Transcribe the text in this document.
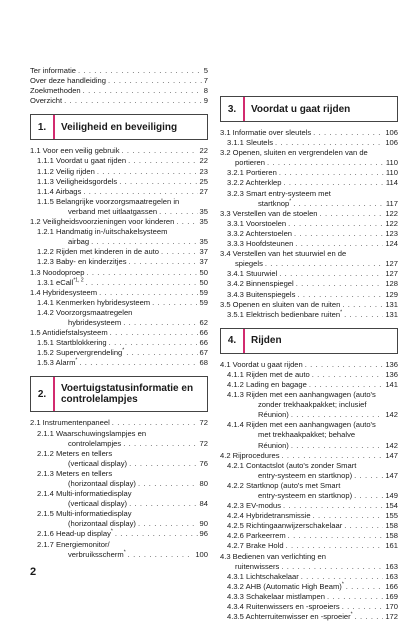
Ter informatie . . .	5
Over deze handleiding . . .	7
Zoekmethoden . . .	8
Overzicht . . .	9
1.	Veiligheid en beveiliging
1.1 Voor een veilig gebruik . . .	22
1.1.1 Voordat u gaat rijden . . .	22
1.1.2 Veilig rijden . . .	23
1.1.3 Veiligheidsgordels . . .	25
1.1.4 Airbags . . .	27
1.1.5 Belangrijke voorzorgsmaatregelen in
verband met uitlaatgassen . . .	35
1.2 Veiligheidsvoorzieningen voor kinderen . . .	35
1.2.1 Handmatig in-/uitschakelsysteem
airbag . . .	35
1.2.2 Rijden met kinderen in de auto . . .	37
1.2.3 Baby- en kinderzitjes . . .	37
1.3 Noodoproep . . .	50
1.3.1 eCall$^{*1, 2}$ . . .	50
1.4 Hybridesysteem . . .	59
1.4.1 Kenmerken hybridesysteem . . .	59
1.4.2 Voorzorgsmaatregelen
hybridesysteem . . .	62
1.5 Antidiefstalsysteem . . .	66
1.5.1 Startblokkering . . .	66
1.5.2 Supervergrendeling* . . .	67
1.5.3 Alarm* . . .	68
2.	Voertuigstatusinformatie en
controlelampjes
2.1 Instrumentenpaneel . . .	72
2.1.1 Waarschuwingslampjes en
controlelampjes . . .	72
2.1.2 Meters en tellers
(verticaal display) . . .	76
2.1.3 Meters en tellers
(horizontaal display) . . .	80
2.1.4 Multi-informatiedisplay
(verticaal display) . . .	84
2.1.5 Multi-informatiedisplay
(horizontaal display) . . .	90
2.1.6 Head-up display* . . .	96
2.1.7 Energiemonitor/
verbruiksscherm* . . .	100
3.	Voordat u gaat rijden
3.1 Informatie over sleutels . . .	106
3.1.1 Sleutels . . .	106
3.2 Openen, sluiten en vergrendelen van de
portieren . . .	110
3.2.1 Portieren . . .	110
3.2.2 Achterklep . . .	114
3.2.3 Smart entry-systeem met
startknop* . . .	117
3.3 Verstellen van de stoelen . . .	122
3.3.1 Voorstoelen . . .	122
3.3.2 Achterstoelen . . .	123
3.3.3 Hoofdsteunen . . .	124
3.4 Verstellen van het stuurwiel en de
spiegels . . .	127
3.4.1 Stuurwiel . . .	127
3.4.2 Binnenspiegel . . .	128
3.4.3 Buitenspiegels . . .	129
3.5 Openen en sluiten van de ruiten . . .	131
3.5.1 Elektrisch bedienbare ruiten* . . .	131
4.	Rijden
4.1 Voordat u gaat rijden . . .	136
4.1.1 Rijden met de auto . . .	136
4.1.2 Lading en bagage . . .	141
4.1.3 Rijden met een aanhangwagen (auto's
zonder trekhaakpakket; inclusief
Réunion) . . .	142
4.1.4 Rijden met een aanhangwagen (auto's
met trekhaakpakket; behalve
Réunion) . . .	142
4.2 Rijprocedures . . .	147
4.2.1 Contactslot (auto's zonder Smart
entry-systeem en startknop) . . .	147
4.2.2 Startknop (auto's met Smart
entry-systeem en startknop) . . .	149
4.2.3 EV-modus . . .	154
4.2.4 Hybridetransmissie . . .	155
4.2.5 Richtingaanwijzerschakelaar . . .	158
4.2.6 Parkeerrem . . .	158
4.2.7 Brake Hold . . .	161
4.3 Bedienen van verlichting en
ruitenwissers . . .	163
4.3.1 Lichtschakelaar . . .	163
4.3.2 AHB (Automatic High Beam)* . . .	166
4.3.3 Schakelaar mistlampen . . .	169
4.3.4 Ruitenwissers en -sproeiers . . .	170
4.3.5 Achterruitenwisser en -sproeier* . . .	172
2
